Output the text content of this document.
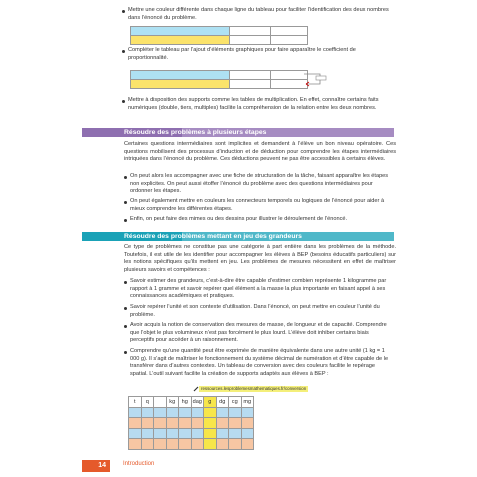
Mettre une couleur différente dans chaque ligne du tableau pour faciliter l’identification des deux nombres dans l’énoncé du problème.

Compléter le tableau par l’ajout d’éléments graphiques pour faire apparaître le coefficient de proportionnalité.

Mettre à disposition des supports comme les tables de multiplication. En effet, connaître certains faits numériques (double, tiers, multiples) facilite la compréhension de la relation entre les deux nombres.
Résoudre des problèmes à plusieurs étapes
Certaines questions intermédiaires sont implicites et demandent à l’élève un bon niveau opératoire. Ces questions mobilisent des processus d’induction et de déduction pour comprendre les étapes intermédiaires intriquées dans l’énoncé du problème. Ces déductions peuvent ne pas être accessibles à certains élèves.
On peut alors les accompagner avec une fiche de structuration de la tâche, faisant apparaître les étapes non explicites. On peut aussi étoffer l’énoncé du problème avec des questions intermédiaires pour ordonner les étapes.
On peut également mettre en couleurs les connecteurs temporels ou logiques de l’énoncé pour aider à mieux comprendre les différentes étapes.
Enfin, on peut faire des mimes ou des dessins pour illustrer le déroulement de l’énoncé.
Résoudre des problèmes mettant en jeu des grandeurs
Ce type de problèmes ne constitue pas une catégorie à part entière dans les problèmes de la méthode. Toutefois, il est utile de les identifier pour accompagner les élèves à BEP (besoins éducatifs particuliers) sur les notions spécifiques qu’ils mettent en jeu. Les problèmes de mesures nécessitent en effet de maîtriser plusieurs savoirs et compétences :
Savoir estimer des grandeurs, c’est-à-dire être capable d’estimer combien représente 1 kilogramme par rapport à 1 gramme et savoir repérer quel élément a la masse la plus importante en faisant appel à ses connaissances académiques et pratiques.
Savoir repérer l’unité et son contexte d’utilisation. Dans l’énoncé, on peut mettre en couleur l’unité du problème.
Avoir acquis la notion de conservation des mesures de masse, de longueur et de capacité. Comprendre que l’objet le plus volumineux n’est pas forcément le plus lourd. L’élève doit inhiber certains biais perceptifs pour accéder à un raisonnement.
Comprendre qu’une quantité peut être exprimée de manière équivalente dans une autre unité (1 kg = 1 000 g). Il s’agit de maîtriser le fonctionnement du système décimal de numération et d’être capable de le transférer dans d’autres contextes. Un tableau de conversion avec des couleurs facilite le repérage spatial. L’outil suivant facilite la création de supports adaptés aux élèves à BEP :
ressources.lesproblemesmathematiques.fr/conversion
t	q		kg	hg	dag	g	dg	cg	mg

14	Introduction
